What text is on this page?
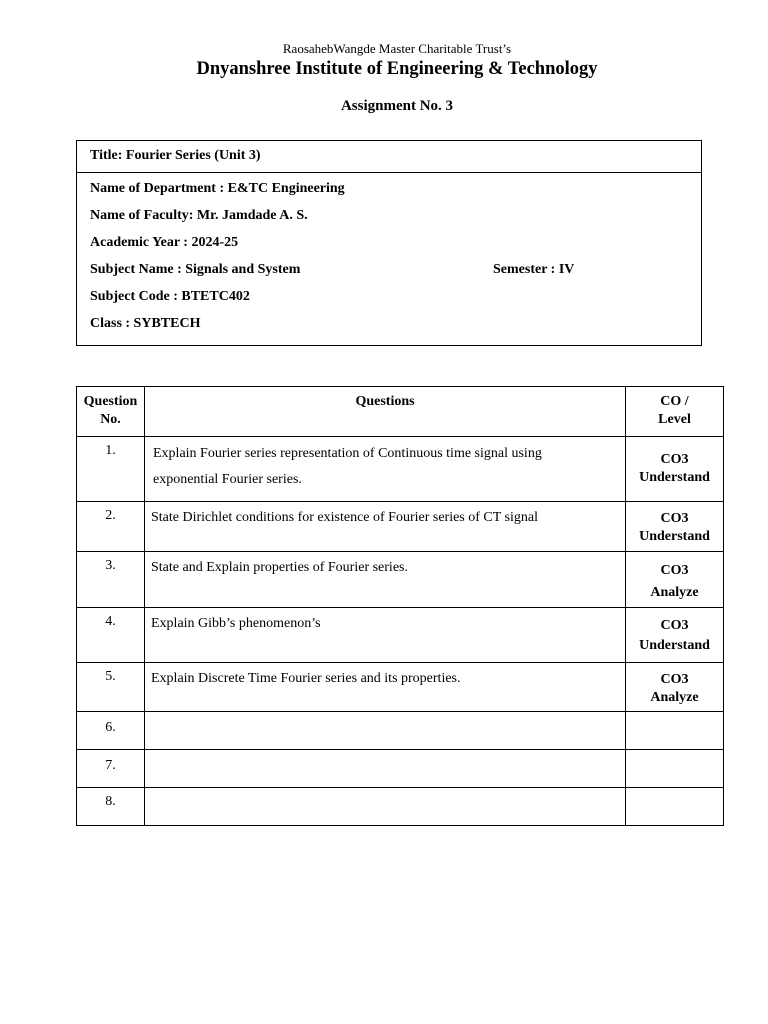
RaosahebWangde Master Charitable Trust’s
Dnyanshree Institute of Engineering & Technology
Assignment No. 3
Title: Fourier Series (Unit 3)
Name of Department : E&TC Engineering
Name of Faculty: Mr. Jamdade A. S.
Academic Year : 2024-25
Subject Name : Signals and System	Semester : IV
Subject Code : BTETC402
Class : SYBTECH
Question
No.	Questions	CO /
Level
1.	Explain Fourier series representation of Continuous time signal using
exponential Fourier series.	CO3
Understand
2.	State Dirichlet conditions for existence of Fourier series of CT signal	CO3
Understand
3.	State and Explain properties of Fourier series.	CO3
Analyze
4.	Explain Gibb’s phenomenon’s	CO3
Understand
5.	Explain Discrete Time Fourier series and its properties.	CO3
Analyze
6.		
7.		
8.		
